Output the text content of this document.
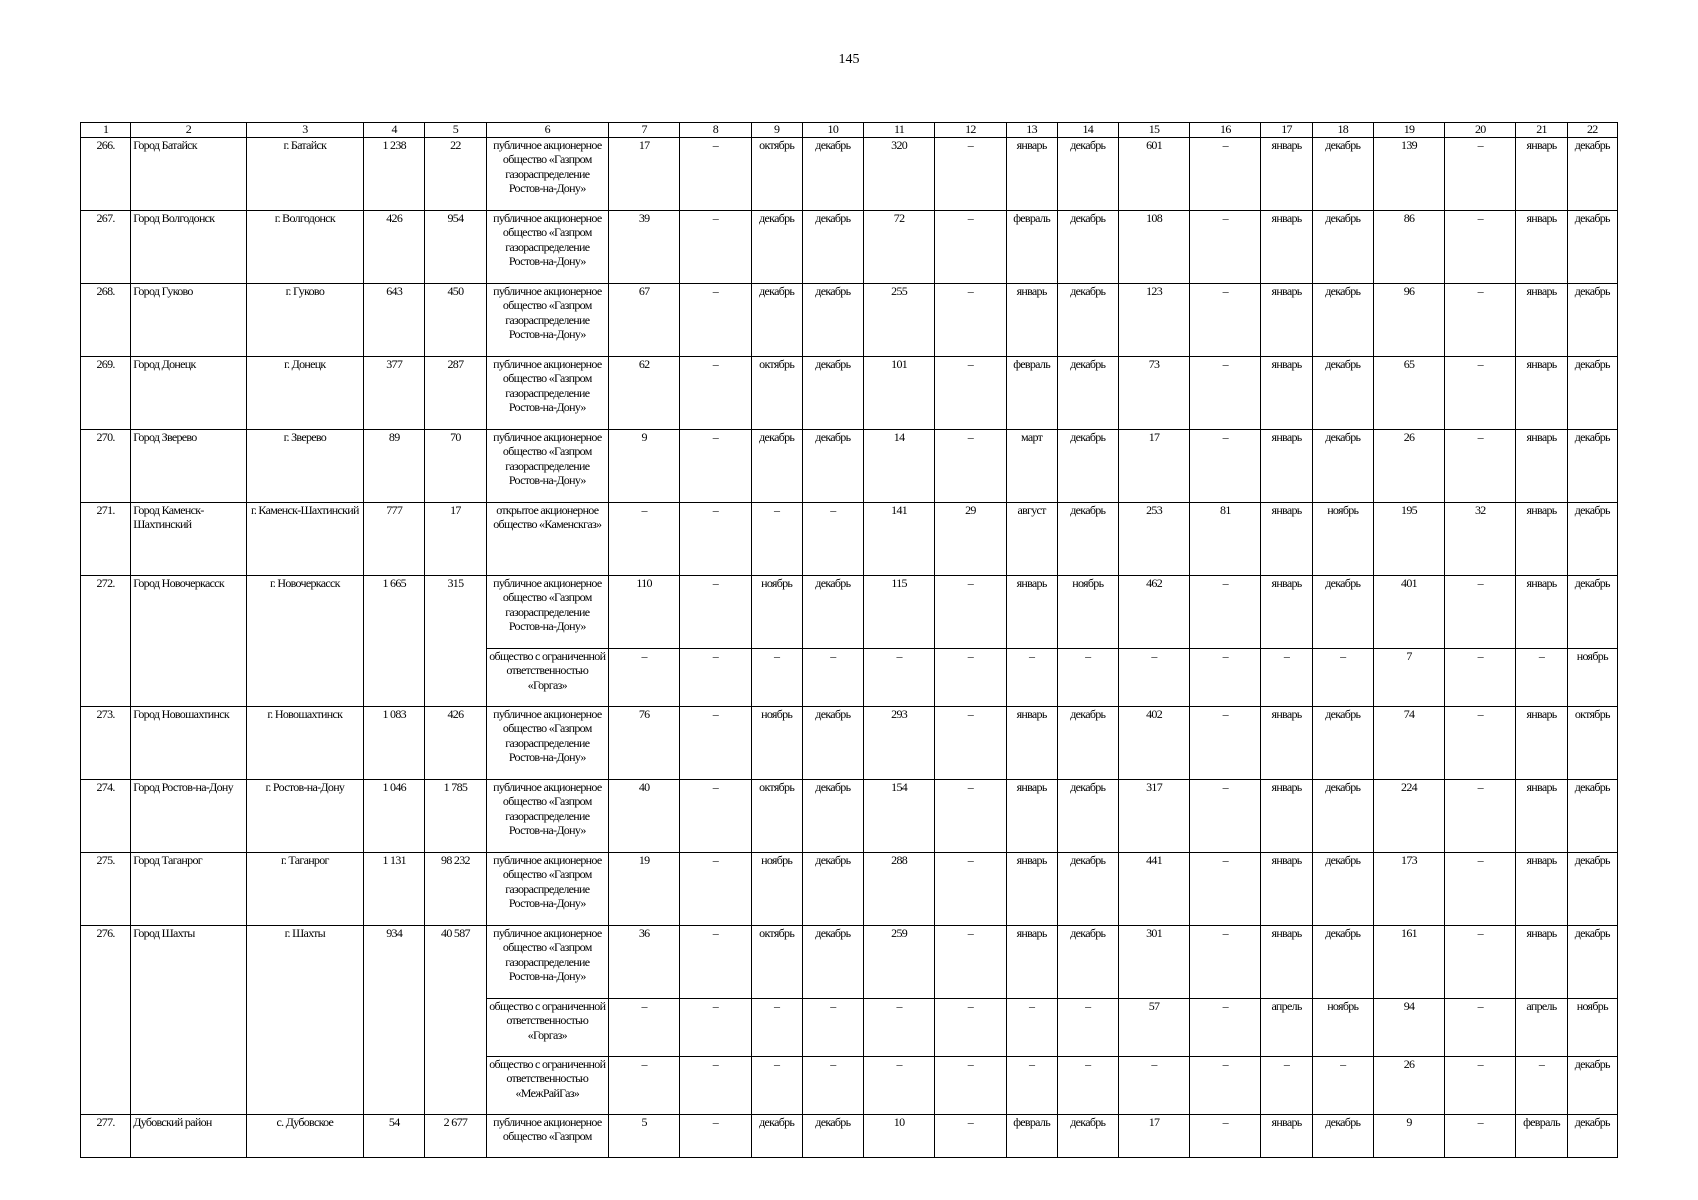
145
1	2	3	4	5	6	7	8	9	10	11	12	13	14	15	16	17	18	19	20	21	22
266.	Город Батайск	г. Батайск	1 238	22	публичное акционерное общество «Газпром газораспределение Ростов-на-Дону»	17	–	октябрь	декабрь	320	–	январь	декабрь	601	–	январь	декабрь	139	–	январь	декабрь
267.	Город Волгодонск	г. Волгодонск	426	954	публичное акционерное общество «Газпром газораспределение Ростов-на-Дону»	39	–	декабрь	декабрь	72	–	февраль	декабрь	108	–	январь	декабрь	86	–	январь	декабрь
268.	Город Гуково	г. Гуково	643	450	публичное акционерное общество «Газпром газораспределение Ростов-на-Дону»	67	–	декабрь	декабрь	255	–	январь	декабрь	123	–	январь	декабрь	96	–	январь	декабрь
269.	Город Донецк	г. Донецк	377	287	публичное акционерное общество «Газпром газораспределение Ростов-на-Дону»	62	–	октябрь	декабрь	101	–	февраль	декабрь	73	–	январь	декабрь	65	–	январь	декабрь
270.	Город Зверево	г. Зверево	89	70	публичное акционерное общество «Газпром газораспределение Ростов-на-Дону»	9	–	декабрь	декабрь	14	–	март	декабрь	17	–	январь	декабрь	26	–	январь	декабрь
271.	Город Каменск-Шахтинский	г. Каменск-Шахтинский	777	17	открытое акционерное общество «Каменскгаз»	–	–	–	–	141	29	август	декабрь	253	81	январь	ноябрь	195	32	январь	декабрь
272.	Город Новочеркасск	г. Новочеркасск	1 665	315	публичное акционерное общество «Газпром газораспределение Ростов-на-Дону»	110	–	ноябрь	декабрь	115	–	январь	ноябрь	462	–	январь	декабрь	401	–	январь	декабрь
					общество с ограниченной ответственностью «Горгаз»	–	–	–	–	–	–	–	–	–	–	–	–	7	–	–	ноябрь
273.	Город Новошахтинск	г. Новошахтинск	1 083	426	публичное акционерное общество «Газпром газораспределение Ростов-на-Дону»	76	–	ноябрь	декабрь	293	–	январь	декабрь	402	–	январь	декабрь	74	–	январь	октябрь
274.	Город Ростов-на-Дону	г. Ростов-на-Дону	1 046	1 785	публичное акционерное общество «Газпром газораспределение Ростов-на-Дону»	40	–	октябрь	декабрь	154	–	январь	декабрь	317	–	январь	декабрь	224	–	январь	декабрь
275.	Город Таганрог	г. Таганрог	1 131	98 232	публичное акционерное общество «Газпром газораспределение Ростов-на-Дону»	19	–	ноябрь	декабрь	288	–	январь	декабрь	441	–	январь	декабрь	173	–	январь	декабрь
276.	Город Шахты	г. Шахты	934	40 587	публичное акционерное общество «Газпром газораспределение Ростов-на-Дону»	36	–	октябрь	декабрь	259	–	январь	декабрь	301	–	январь	декабрь	161	–	январь	декабрь
					общество с ограниченной ответственностью «Горгаз»	–	–	–	–	–	–	–	–	57	–	апрель	ноябрь	94	–	апрель	ноябрь
					общество с ограниченной ответственностью «МежРайГаз»	–	–	–	–	–	–	–	–	–	–	–	–	26	–	–	декабрь
277.	Дубовский район	с. Дубовское	54	2 677	публичное акционерное общество «Газпром	5	–	декабрь	декабрь	10	–	февраль	декабрь	17	–	январь	декабрь	9	–	февраль	декабрь
